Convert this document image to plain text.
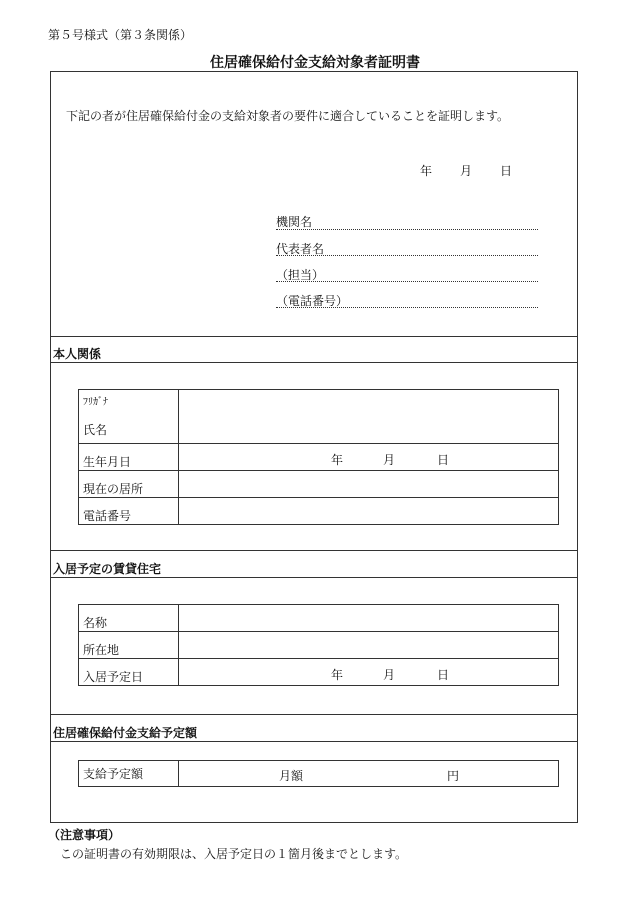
第５号様式（第３条関係）
住居確保給付金支給対象者証明書
下記の者が住居確保給付金の支給対象者の要件に適合していることを証明します。
年 月 日
機関名
代表者名
（担当）
（電話番号）
本人関係
ﾌﾘｶﾞﾅ
氏名	

生年月日	年 月 日

現在の居所	
電話番号	
入居予定の賃貸住宅
名称	
所在地	
入居予定日	年 月 日
住居確保給付金支給予定額
支給予定額	月額	円
（注意事項）
この証明書の有効期限は、入居予定日の１箇月後までとします。
